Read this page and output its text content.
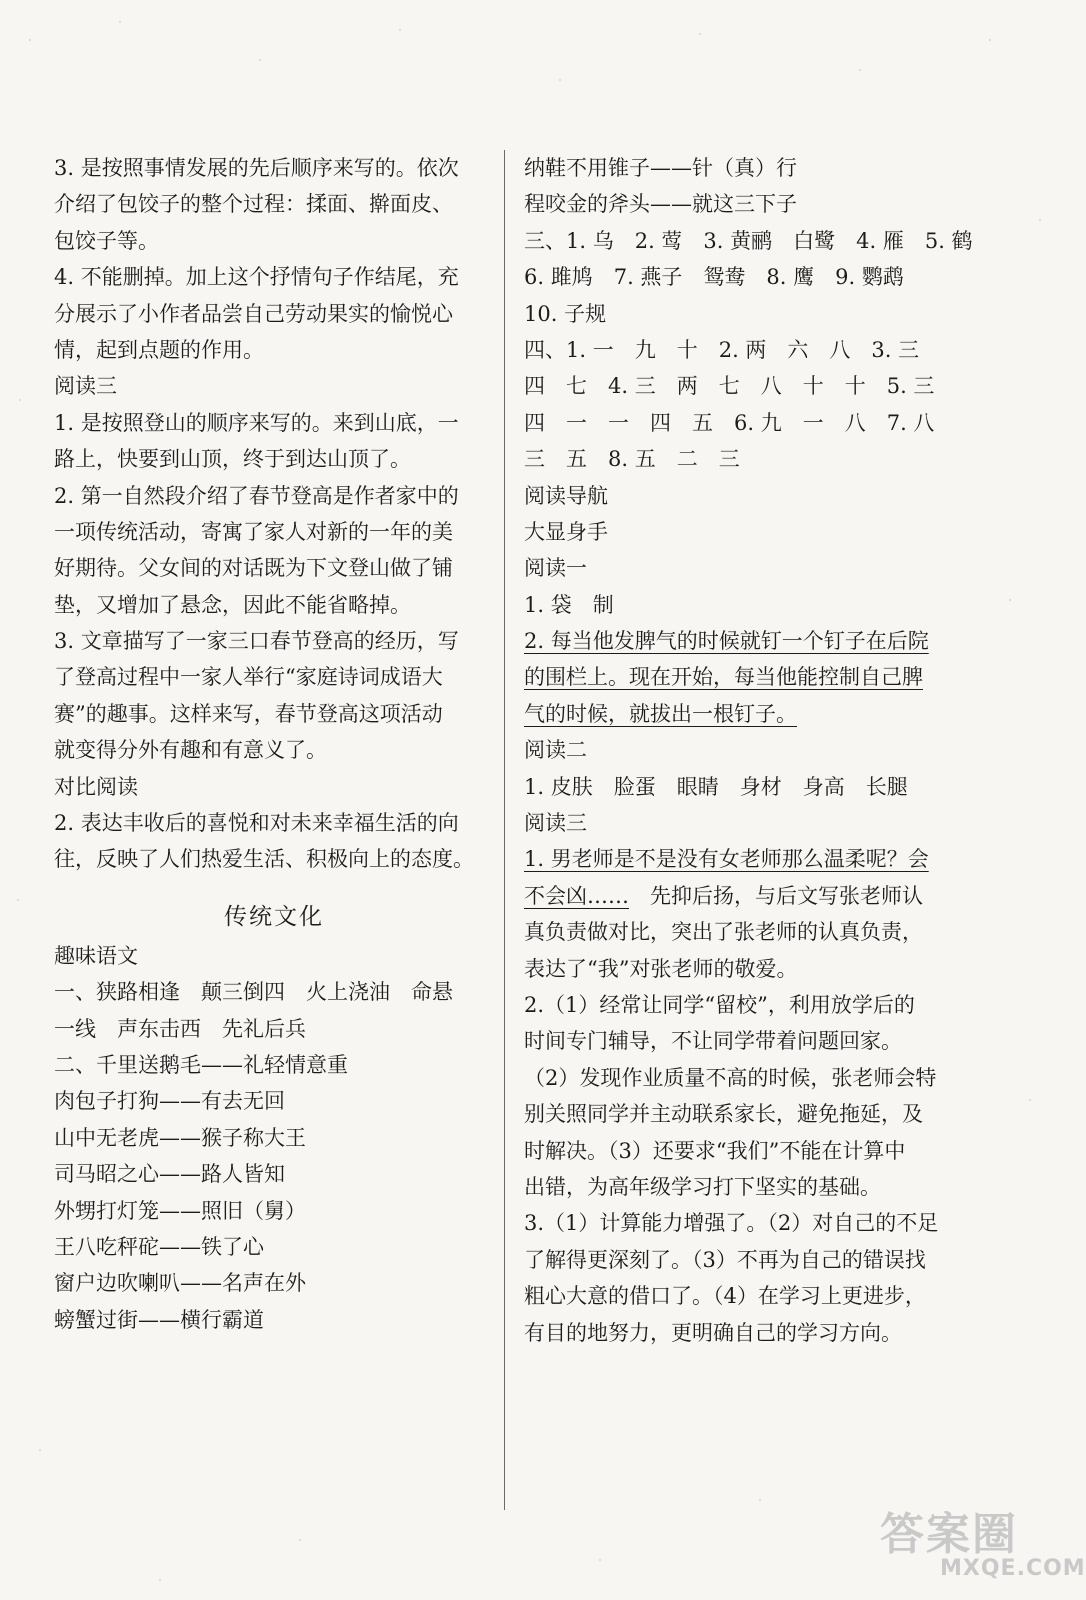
3. 是按照事情发展的先后顺序来写的。依次
介绍了包饺子的整个过程：揉面、擀面皮、
包饺子等。
4. 不能删掉。加上这个抒情句子作结尾，充
分展示了小作者品尝自己劳动果实的愉悦心
情，起到点题的作用。
阅读三
1. 是按照登山的顺序来写的。来到山底，一
路上，快要到山顶，终于到达山顶了。
2. 第一自然段介绍了春节登高是作者家中的
一项传统活动，寄寓了家人对新的一年的美
好期待。父女间的对话既为下文登山做了铺
垫，又增加了悬念，因此不能省略掉。
3. 文章描写了一家三口春节登高的经历，写
了登高过程中一家人举行“家庭诗词成语大
赛”的趣事。这样来写，春节登高这项活动
就变得分外有趣和有意义了。
对比阅读
2. 表达丰收后的喜悦和对未来幸福生活的向
往，反映了人们热爱生活、积极向上的态度。
传统文化
趣味语文
一、狭路相逢　颠三倒四　火上浇油　命悬
一线　声东击西　先礼后兵
二、千里送鹅毛——礼轻情意重
肉包子打狗——有去无回
山中无老虎——猴子称大王
司马昭之心——路人皆知
外甥打灯笼——照旧（舅）
王八吃秤砣——铁了心
窗户边吹喇叭——名声在外
螃蟹过街——横行霸道
纳鞋不用锥子——针（真）行
程咬金的斧头——就这三下子
三、1. 乌　2. 莺　3. 黄鹂　白鹭　4. 雁　5. 鹤
6. 雎鸠　7. 燕子　鸳鸯　8. 鹰　9. 鹦鹉
10. 子规
四、1. 一　九　十　2. 两　六　八　3. 三
四　七　4. 三　两　七　八　十　十　5. 三
四　一　一　四　五　6. 九　一　八　7. 八
三　五　8. 五　二　三
阅读导航
大显身手
阅读一
1. 袋　制
2. 每当他发脾气的时候就钉一个钉子在后院
的围栏上。现在开始，每当他能控制自己脾
气的时候，就拔出一根钉子。
阅读二
1. 皮肤　脸蛋　眼睛　身材　身高　长腿
阅读三
1. 男老师是不是没有女老师那么温柔呢？会
不会凶……　先抑后扬，与后文写张老师认
真负责做对比，突出了张老师的认真负责，
表达了“我”对张老师的敬爱。
2.（1）经常让同学“留校”，利用放学后的
时间专门辅导，不让同学带着问题回家。
（2）发现作业质量不高的时候，张老师会特
别关照同学并主动联系家长，避免拖延，及
时解决。（3）还要求“我们”不能在计算中
出错，为高年级学习打下坚实的基础。
3.（1）计算能力增强了。（2）对自己的不足
了解得更深刻了。（3）不再为自己的错误找
粗心大意的借口了。（4）在学习上更进步，
有目的地努力，更明确自己的学习方向。
答案圈
MXQE.COM
